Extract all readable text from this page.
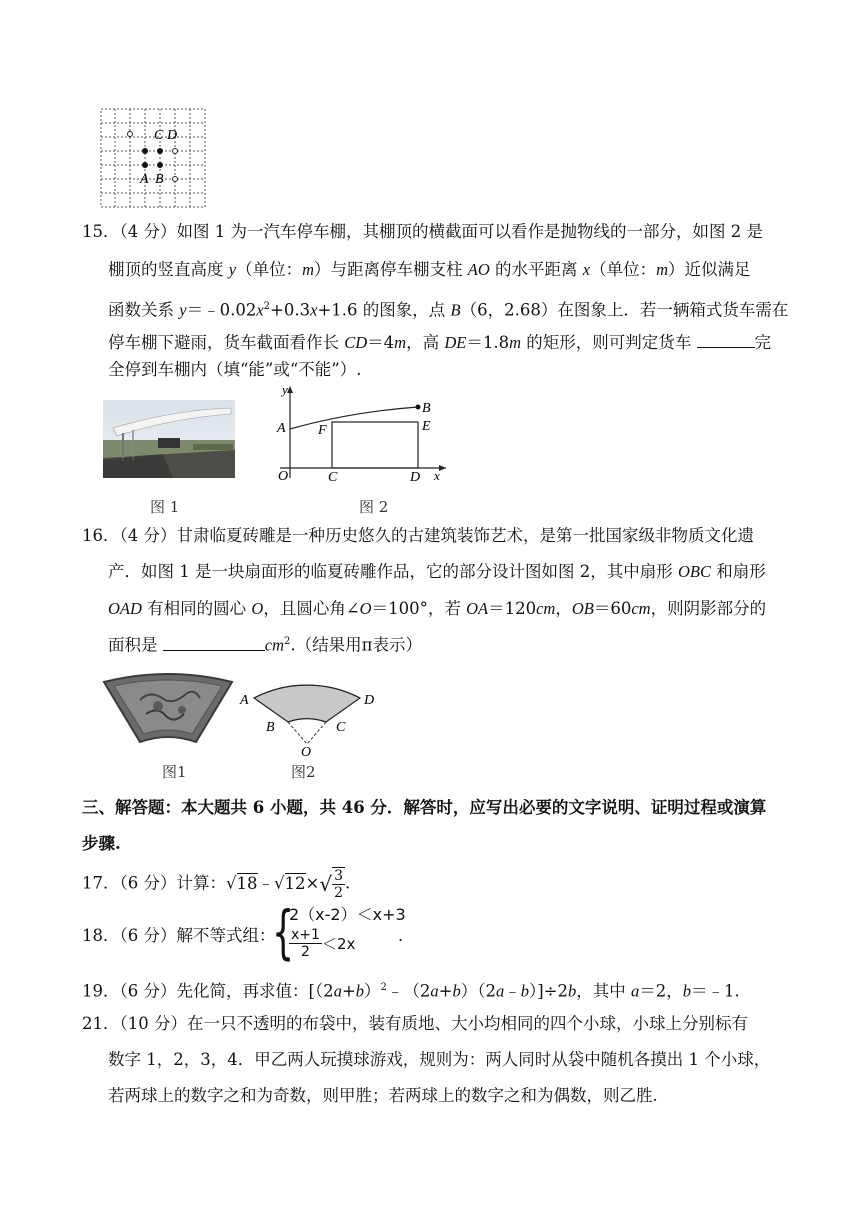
C D
A B
15．（4 分）如图 1 为一汽车停车棚，其棚顶的横截面可以看作是抛物线的一部分，如图 2 是
棚顶的竖直高度 y（单位：m）与距离停车棚支柱 AO 的水平距离 x（单位：m）近似满足
函数关系 $y=﹣0.02x^2+0.3x+1.6$ 的图象，点 B（6，2.68）在图象上．若一辆箱式货车需在
停车棚下避雨，货车截面看作长 CD＝4m，高 DE＝1.8m 的矩形，则可判定货车	完
全停到车棚内（填“能”或“不能”）.
y
B
A F	E
O	C	D x
图 1	图 2
16．（4 分）甘肃临夏砖雕是一种历史悠久的古建筑装饰艺术，是第一批国家级非物质文化遗
产．如图 1 是一块扇面形的临夏砖雕作品，它的部分设计图如图 2，其中扇形 OBC 和扇形
OAD 有相同的圆心 O，且圆心角∠O＝100°，若 OA＝120cm，OB＝60cm，则阴影部分的
面积是	$cm^2$.（结果用π表示）
A	D
B	C
O
图1	图2
三、解答题：本大题共 6 小题，共 46 分．解答时，应写出必要的文字说明、证明过程或演算
步骤.
17．（6 分）计算：√18﹣√12×√ $\frac{3}{2}$ .
18．（6 分）解不等式组：
{
2（x-2）＜x+3
$\frac{x+1}{2} <2x$	.
19．（6 分）先化简，再求值：$[(2a+b)^2﹣(2a+b)(2a﹣b)]\div 2b$，其中 a＝2，b＝﹣1.
21．（10 分）在一只不透明的布袋中，装有质地、大小均相同的四个小球，小球上分别标有
数字 1，2，3，4．甲乙两人玩摸球游戏，规则为：两人同时从袋中随机各摸出 1 个小球，
若两球上的数字之和为奇数，则甲胜；若两球上的数字之和为偶数，则乙胜.
